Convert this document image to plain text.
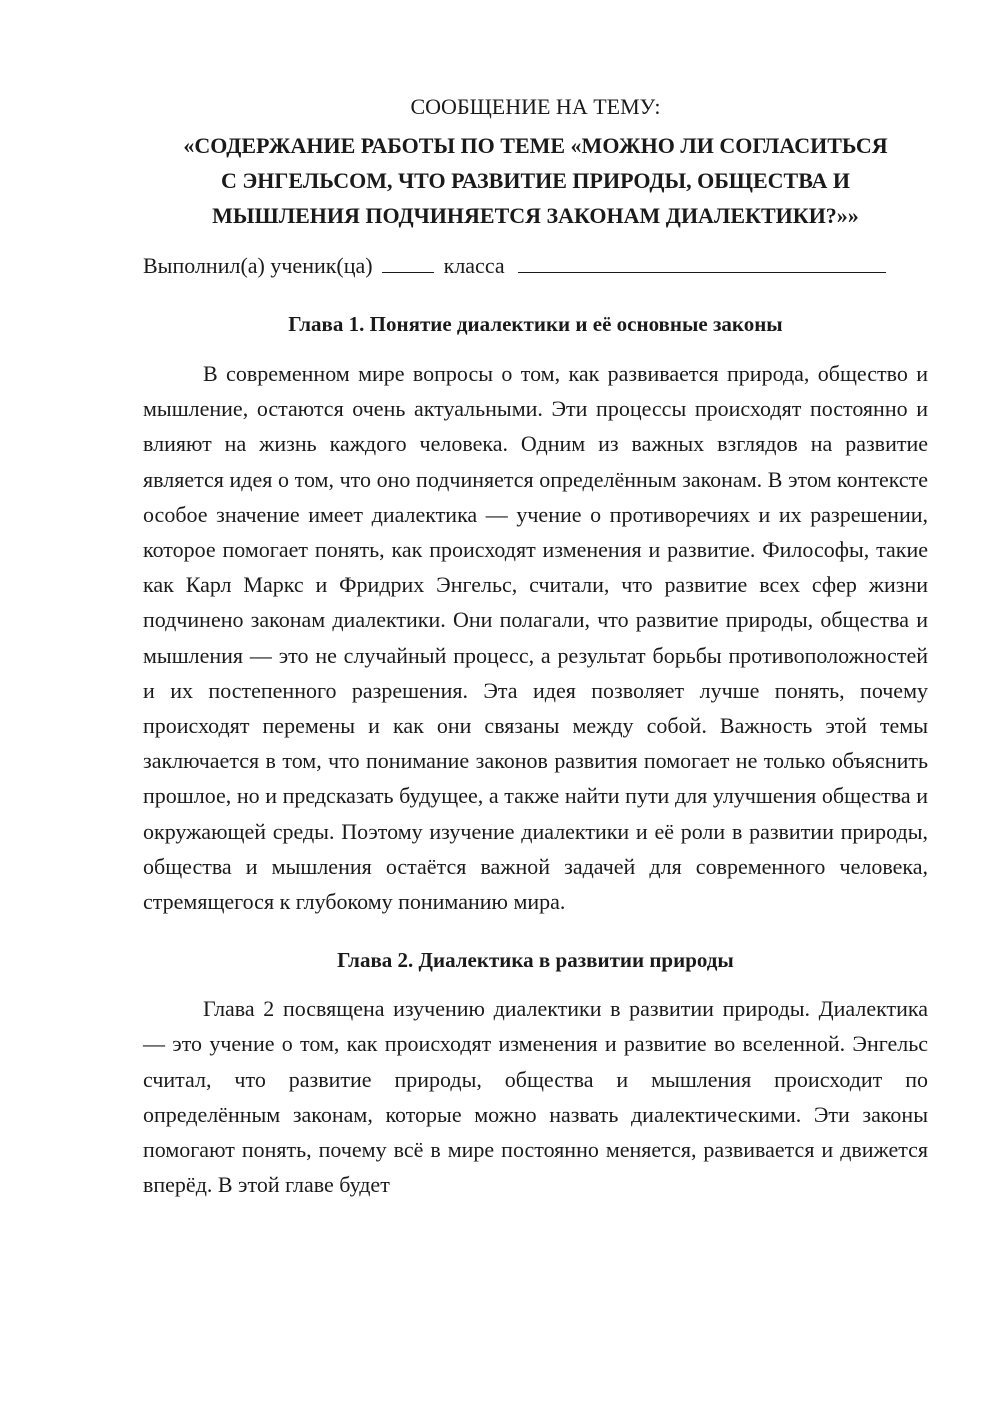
СООБЩЕНИЕ НА ТЕМУ:
«СОДЕРЖАНИЕ РАБОТЫ ПО ТЕМЕ «МОЖНО ЛИ СОГЛАСИТЬСЯ
С ЭНГЕЛЬСОМ, ЧТО РАЗВИТИЕ ПРИРОДЫ, ОБЩЕСТВА И
МЫШЛЕНИЯ ПОДЧИНЯЕТСЯ ЗАКОНАМ ДИАЛЕКТИКИ?»»
Выполнил(а) ученик(ца)	класса
Глава 1. Понятие диалектики и её основные законы

В современном мире вопросы о том, как развивается природа, общество и мышление, остаются очень актуальными. Эти процессы происходят постоянно и влияют на жизнь каждого человека. Одним из важных взглядов на развитие является идея о том, что оно подчиняется определённым законам. В этом контексте особое значение имеет диалектика — учение о противоречиях и их разрешении, которое помогает понять, как происходят изменения и развитие. Философы, такие как Карл Маркс и Фридрих Энгельс, считали, что развитие всех сфер жизни подчинено законам диалектики. Они полагали, что развитие природы, общества и мышления — это не случайный процесс, а результат борьбы противоположностей и их постепенного разрешения. Эта идея позволяет лучше понять, почему происходят перемены и как они связаны между собой. Важность этой темы заключается в том, что понимание законов развития помогает не только объяснить прошлое, но и предсказать будущее, а также найти пути для улучшения общества и окружающей среды. Поэтому изучение диалектики и её роли в развитии природы, общества и мышления остаётся важной задачей для современного человека, стремящегося к глубокому пониманию мира.

Глава 2. Диалектика в развитии природы

Глава 2 посвящена изучению диалектики в развитии природы. Диалектика — это учение о том, как происходят изменения и развитие во вселенной. Энгельс считал, что развитие природы, общества и мышления происходит по определённым законам, которые можно назвать диалектическими. Эти законы помогают понять, почему всё в мире постоянно меняется, развивается и движется вперёд. В этой главе будет
